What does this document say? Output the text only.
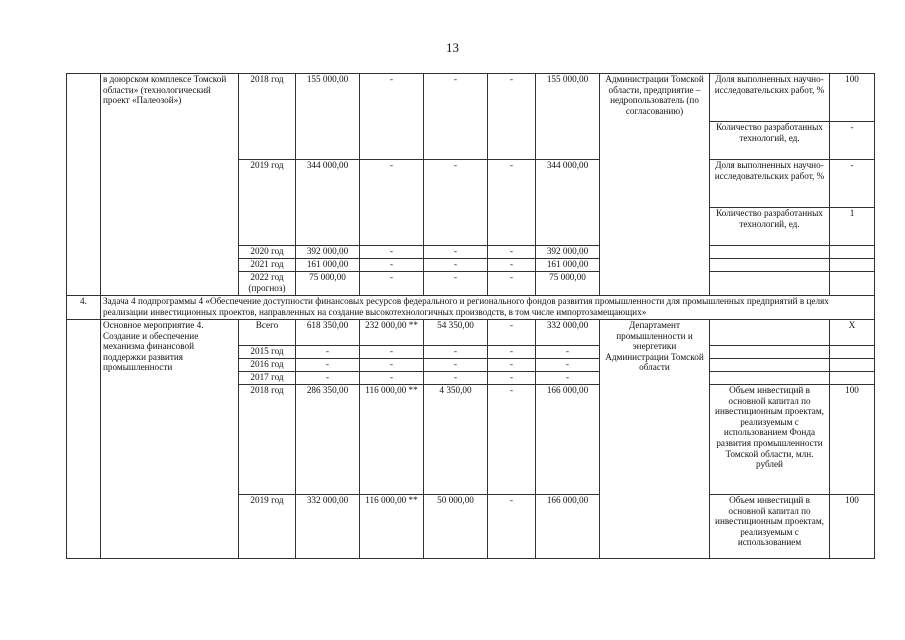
13
	в доюрском комплексе Томской области» (технологический проект «Палеозой»)	2018 год	155 000,00	-	-	-	155 000,00	Администрации Томской области, предприятие – недропользователь (по согласованию)	Доля выполненных научно-исследовательских работ, %	100
									Количество разработанных технологий, ед.	-
		2019 год	344 000,00	-	-	-	344 000,00		Доля выполненных научно-исследовательских работ, %	-
									Количество разработанных технологий, ед.	1
		2020 год	392 000,00	-	-	-	392 000,00			
		2021 год	161 000,00	-	-	-	161 000,00			
		2022 год (прогноз)	75 000,00	-	-	-	75 000,00			
4.	Задача 4 подпрограммы 4 «Обеспечение доступности финансовых ресурсов федерального и регионального фондов развития промышленности для промышленных предприятий в целях реализации инвестиционных проектов, направленных на создание высокотехнологичных производств, в том числе импортозамещающих»									
	Основное мероприятие 4. Создание и обеспечение механизма финансовой поддержки развития промышленности	Всего	618 350,00	232 000,00 **	54 350,00	-	332 000,00	Департамент промышленности и энергетики Администрации Томской области		Х
		2015 год	-	-	-	-	-			
		2016 год	-	-	-	-	-			
		2017 год	-	-	-	-	-			
		2018 год	286 350,00	116 000,00 **	4 350,00	-	166 000,00		Объем инвестиций в основной капитал по инвестиционным проектам, реализуемым с использованием Фонда развития промышленности Томской области, млн. рублей	100
		2019 год	332 000,00	116 000,00 **	50 000,00	-	166 000,00		Объем инвестиций в основной капитал по инвестиционным проектам, реализуемым с использованием	100
